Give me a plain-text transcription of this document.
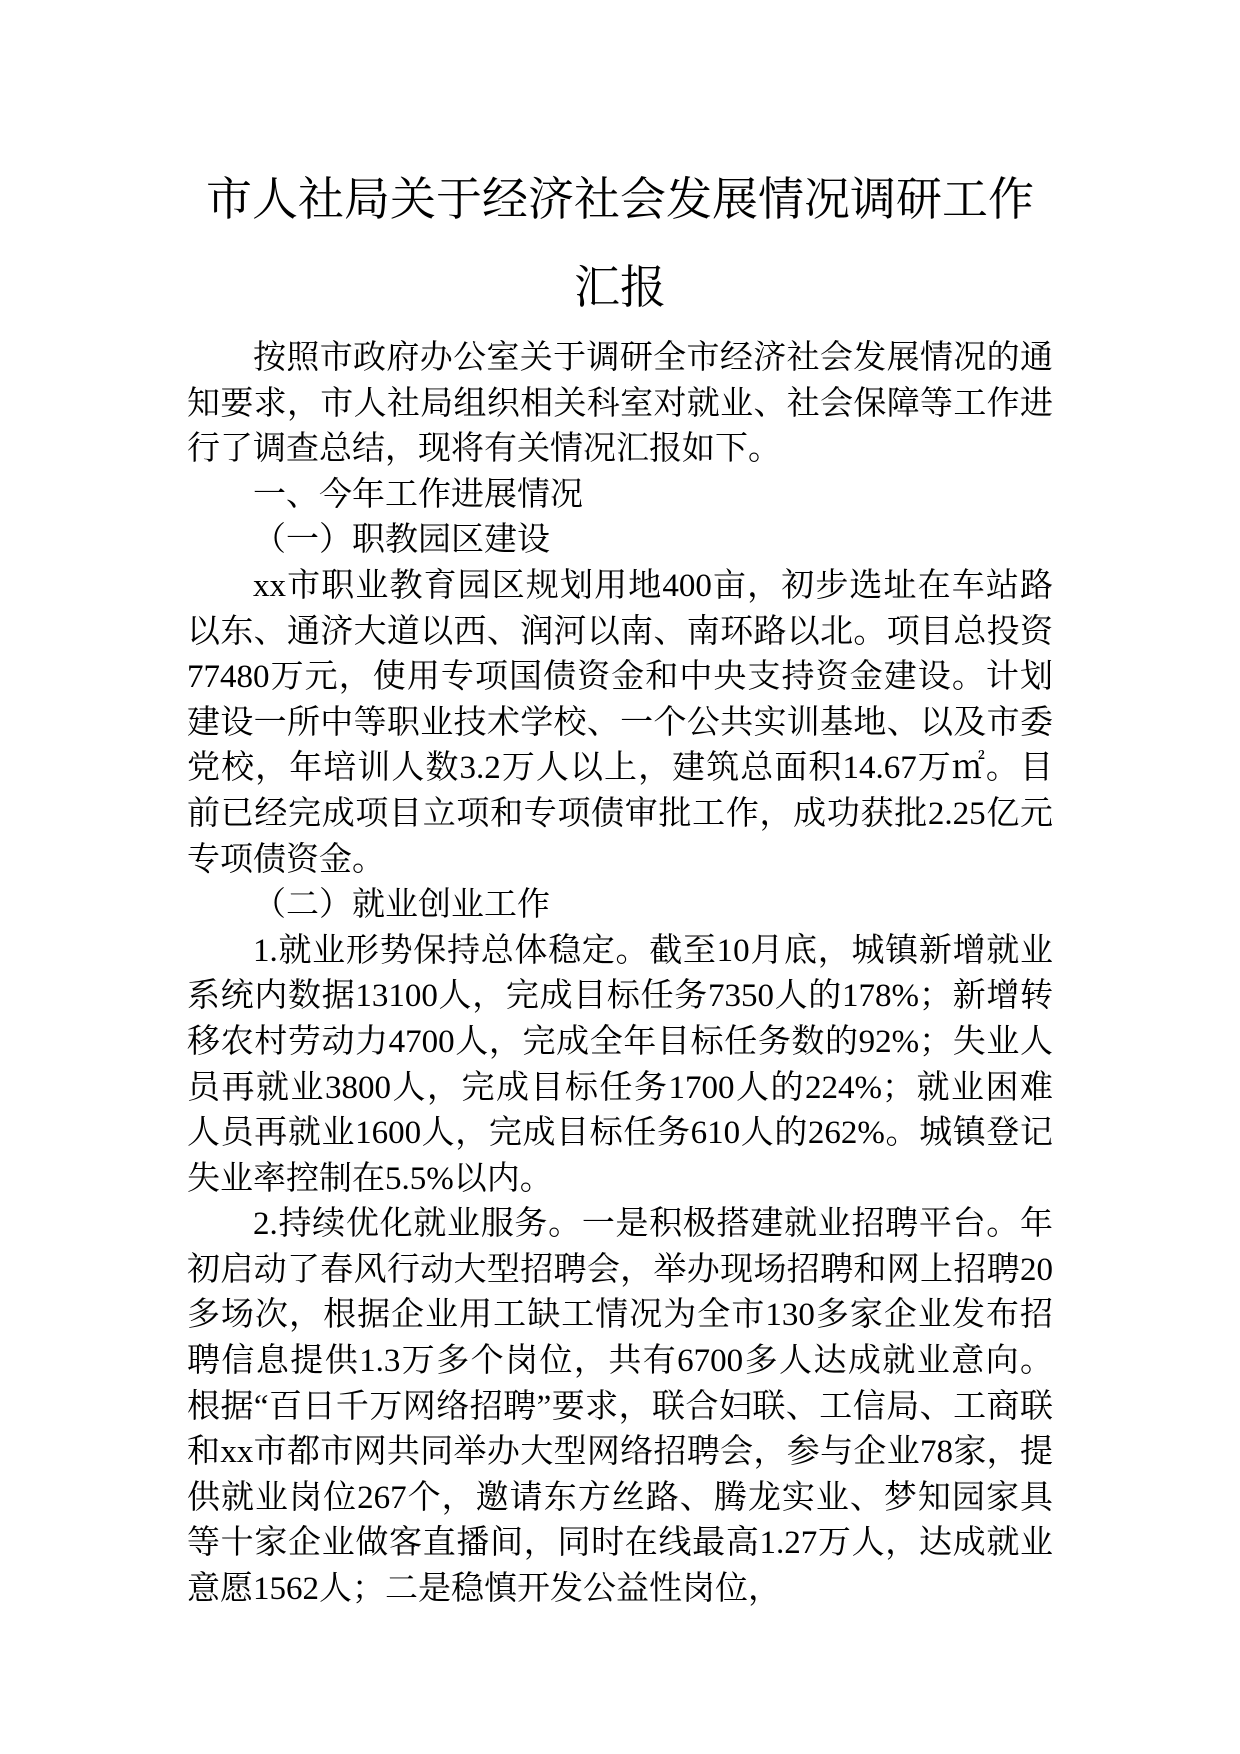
市人社局关于经济社会发展情况调研工作
汇报

按照市政府办公室关于调研全市经济社会发展情况的通知要求，市人社局组织相关科室对就业、社会保障等工作进行了调查总结，现将有关情况汇报如下。

一、今年工作进展情况

（一）职教园区建设

xx市职业教育园区规划用地400亩，初步选址在车站路以东、通济大道以西、润河以南、南环路以北。项目总投资77480万元，使用专项国债资金和中央支持资金建设。计划建设一所中等职业技术学校、一个公共实训基地、以及市委党校，年培训人数3.2万人以上，建筑总面积14.67万㎡。目前已经完成项目立项和专项债审批工作，成功获批2.25亿元专项债资金。

（二）就业创业工作

1.就业形势保持总体稳定。截至10月底，城镇新增就业系统内数据13100人，完成目标任务7350人的178%；新增转移农村劳动力4700人，完成全年目标任务数的92%；失业人员再就业3800人，完成目标任务1700人的224%；就业困难人员再就业1600人，完成目标任务610人的262%。城镇登记失业率控制在5.5%以内。

2.持续优化就业服务。一是积极搭建就业招聘平台。年初启动了春风行动大型招聘会，举办现场招聘和网上招聘20多场次，根据企业用工缺工情况为全市130多家企业发布招聘信息提供1.3万多个岗位，共有6700多人达成就业意向。根据“百日千万网络招聘”要求，联合妇联、工信局、工商联和xx市都市网共同举办大型网络招聘会，参与企业78家，提供就业岗位267个，邀请东方丝路、腾龙实业、梦知园家具等十家企业做客直播间，同时在线最高1.27万人，达成就业意愿1562人；二是稳慎开发公益性岗位，
